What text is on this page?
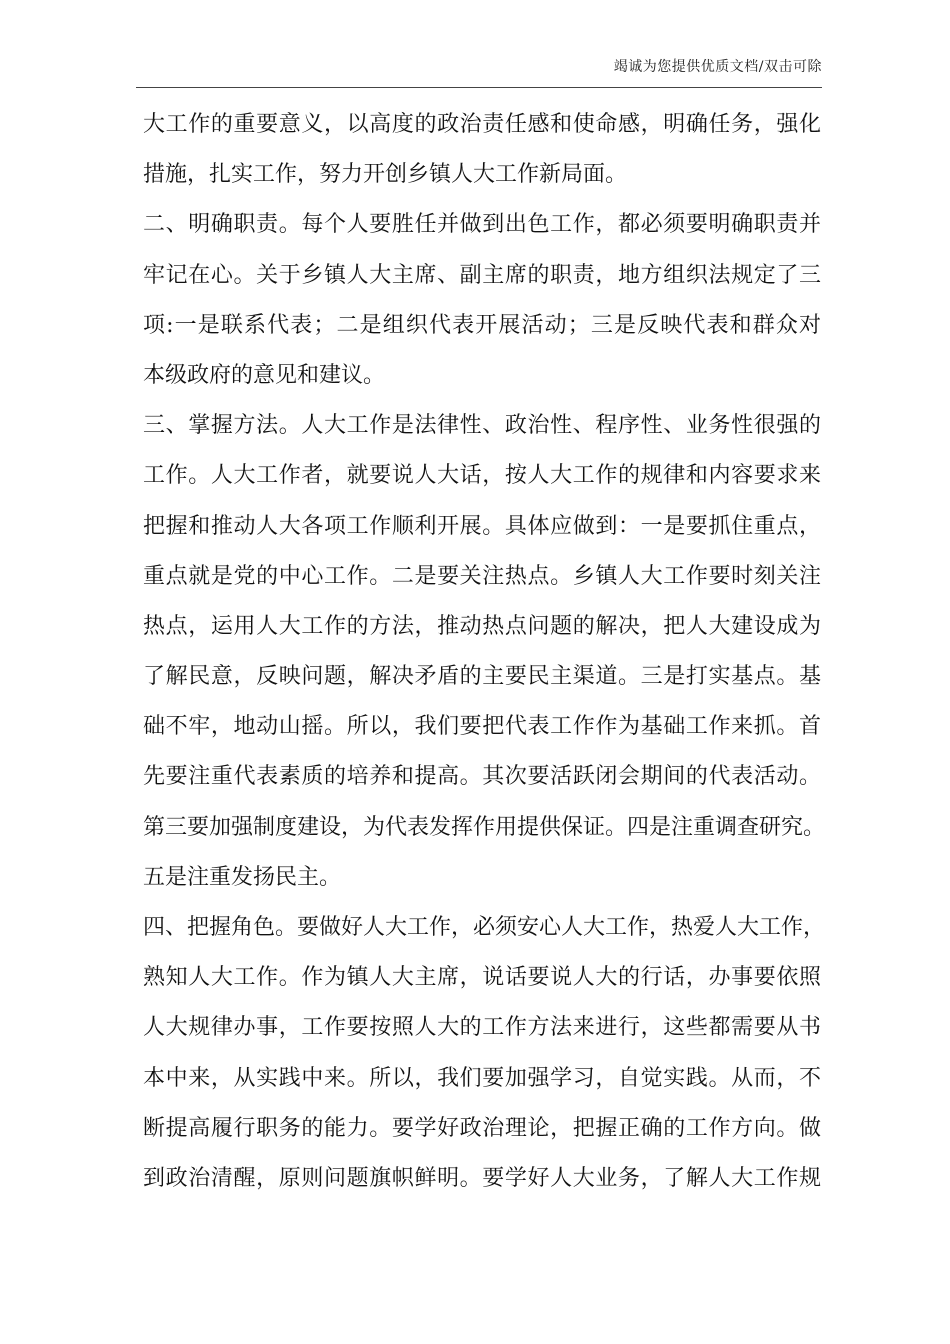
竭诚为您提供优质文档/双击可除
大工作的重要意义，以高度的政治责任感和使命感，明确任务，强化
措施，扎实工作，努力开创乡镇人大工作新局面。
二、明确职责。每个人要胜任并做到出色工作，都必须要明确职责并
牢记在心。关于乡镇人大主席、副主席的职责，地方组织法规定了三
项:一是联系代表；二是组织代表开展活动；三是反映代表和群众对
本级政府的意见和建议。
三、掌握方法。人大工作是法律性、政治性、程序性、业务性很强的
工作。人大工作者，就要说人大话，按人大工作的规律和内容要求来
把握和推动人大各项工作顺利开展。具体应做到：一是要抓住重点，
重点就是党的中心工作。二是要关注热点。乡镇人大工作要时刻关注
热点，运用人大工作的方法，推动热点问题的解决，把人大建设成为
了解民意，反映问题，解决矛盾的主要民主渠道。三是打实基点。基
础不牢，地动山摇。所以，我们要把代表工作作为基础工作来抓。首
先要注重代表素质的培养和提高。其次要活跃闭会期间的代表活动。
第三要加强制度建设，为代表发挥作用提供保证。四是注重调查研究。
五是注重发扬民主。
四、把握角色。要做好人大工作，必须安心人大工作，热爱人大工作，
熟知人大工作。作为镇人大主席，说话要说人大的行话，办事要依照
人大规律办事，工作要按照人大的工作方法来进行，这些都需要从书
本中来，从实践中来。所以，我们要加强学习，自觉实践。从而，不
断提高履行职务的能力。要学好政治理论，把握正确的工作方向。做
到政治清醒，原则问题旗帜鲜明。要学好人大业务，了解人大工作规
